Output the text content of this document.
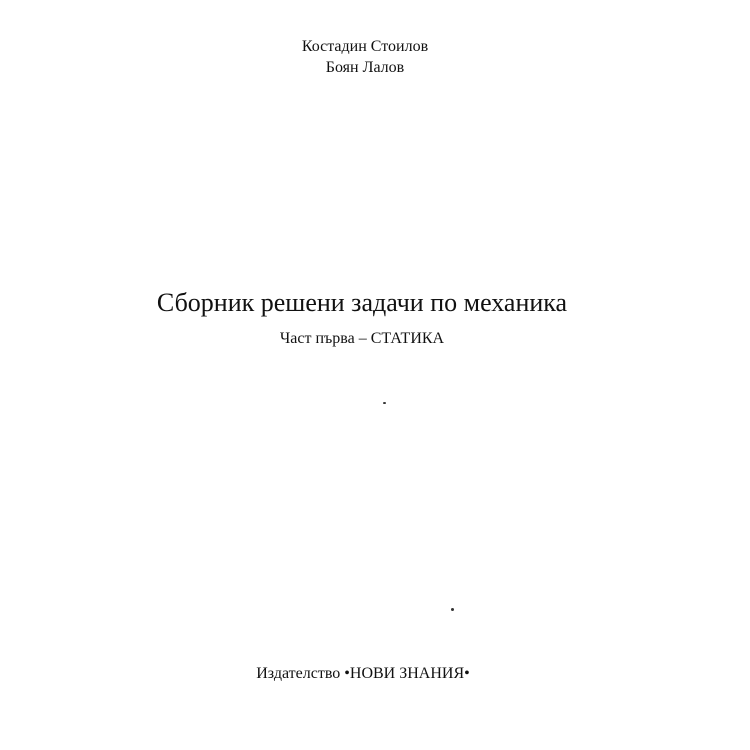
Костадин Стоилов
Боян Лалов
Сборник решени задачи по механика
Част първа – СТАТИКА
Издателство •НОВИ ЗНАНИЯ•
